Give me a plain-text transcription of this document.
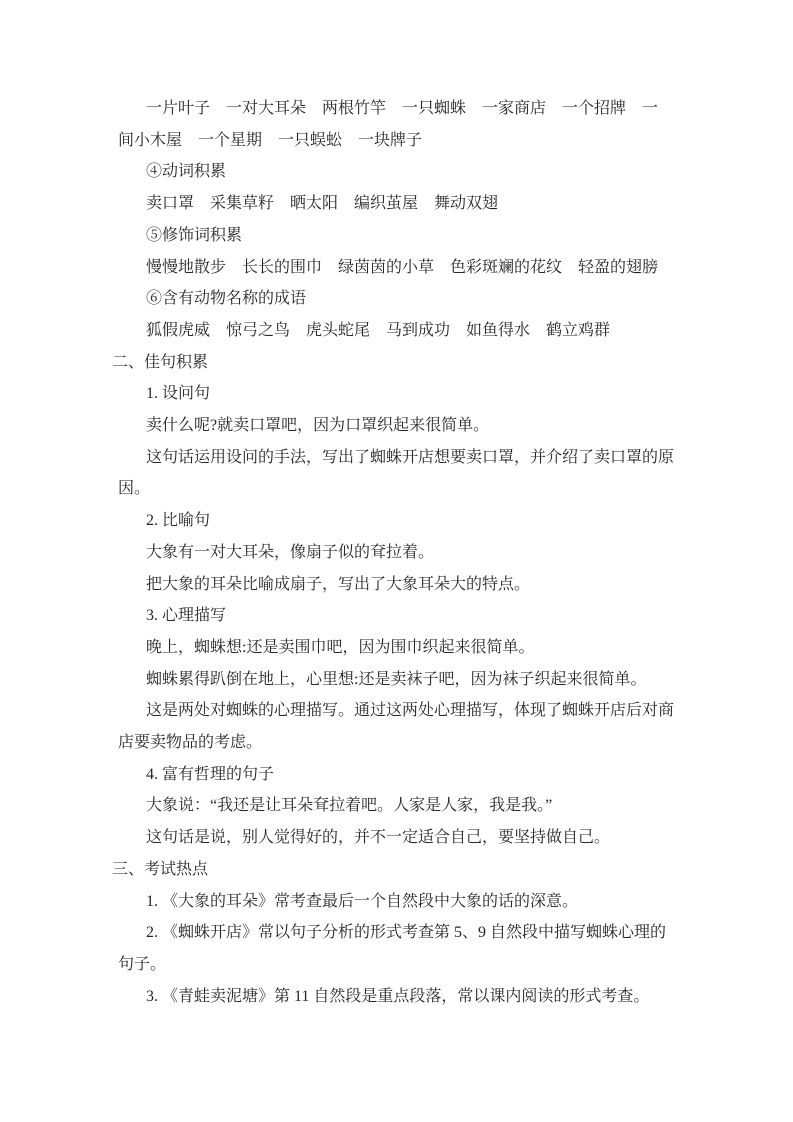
一片叶子　一对大耳朵　两根竹竿　一只蜘蛛　一家商店　一个招牌　一
间小木屋　一个星期　一只蜈蚣　一块牌子
④动词积累
卖口罩　采集草籽　晒太阳　编织茧屋　舞动双翅
⑤修饰词积累
慢慢地散步　长长的围巾　绿茵茵的小草　色彩斑斓的花纹　轻盈的翅膀
⑥含有动物名称的成语
狐假虎威　惊弓之鸟　虎头蛇尾　马到成功　如鱼得水　鹤立鸡群
二、佳句积累
1. 设问句
卖什么呢?就卖口罩吧，因为口罩织起来很简单。
这句话运用设问的手法，写出了蜘蛛开店想要卖口罩，并介绍了卖口罩的原
因。
2. 比喻句
大象有一对大耳朵，像扇子似的耷拉着。
把大象的耳朵比喻成扇子，写出了大象耳朵大的特点。
3. 心理描写
晚上，蜘蛛想:还是卖围巾吧，因为围巾织起来很简单。
蜘蛛累得趴倒在地上，心里想:还是卖袜子吧，因为袜子织起来很简单。
这是两处对蜘蛛的心理描写。通过这两处心理描写，体现了蜘蛛开店后对商
店要卖物品的考虑。
4. 富有哲理的句子
大象说：“我还是让耳朵耷拉着吧。人家是人家，我是我。”
这句话是说，别人觉得好的，并不一定适合自己，要坚持做自己。
三、考试热点
1. 《大象的耳朵》常考查最后一个自然段中大象的话的深意。
2. 《蜘蛛开店》常以句子分析的形式考查第 5、9 自然段中描写蜘蛛心理的
句子。
3. 《青蛙卖泥塘》第 11 自然段是重点段落，常以课内阅读的形式考查。
